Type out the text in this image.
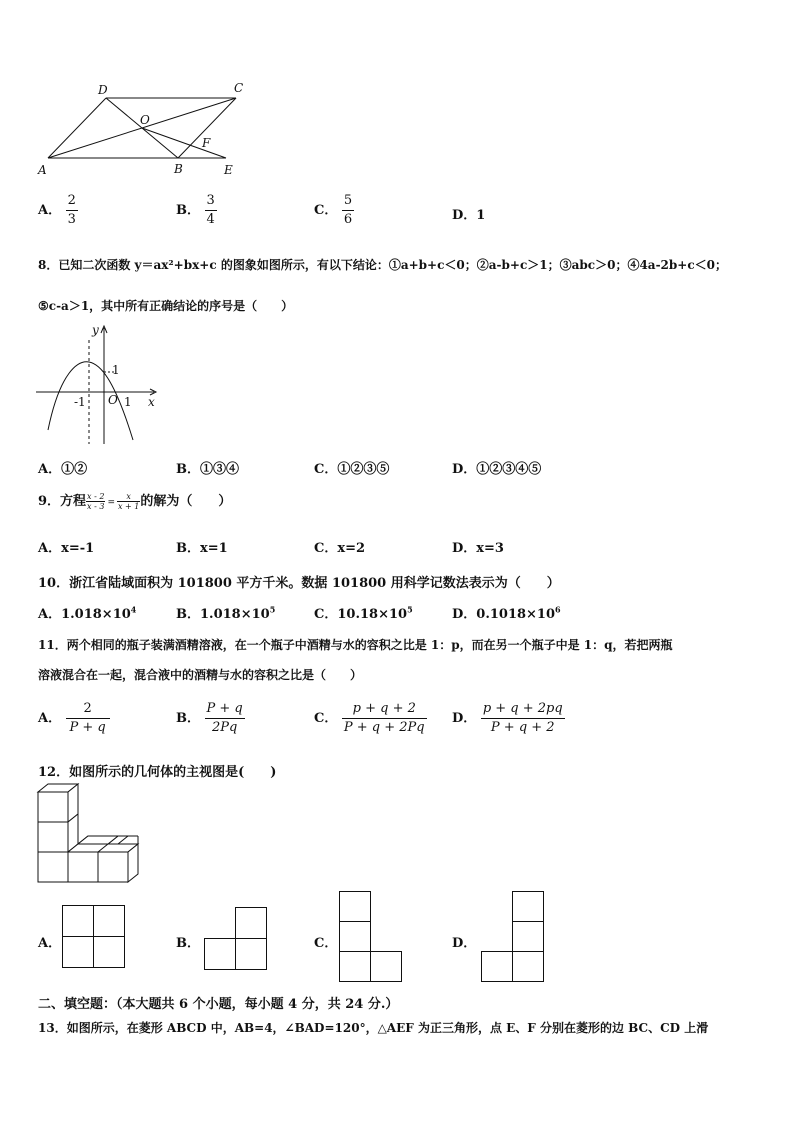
D	C
O
F
A	B	E
A． $\frac{2}{3}$	B． $\frac{3}{4}$	C． $\frac{5}{6}$	D．1
8．已知二次函数 y＝ax²+bx+c 的图象如图所示，有以下结论：①a+b+c＜0；②a-b+c＞1；③abc＞0；④4a-2b+c＜0；
⑤c-a＞1，其中所有正确结论的序号是（　　）
y
x
1
-1 O 1
A．①②	B．①③④	C．①②③⑤	D．①②③④⑤
9．方程 $\frac{x - 2}{x - 3} = \frac{x}{x + 1}$ 的解为（　　）
A．x=-1	B．x=1	C．x=2	D．x=3
10．浙江省陆域面积为 101800 平方千米。数据 101800 用科学记数法表示为（　　）
A．$1.018\times 10^4$	B．$1.018\times 10^5$	C．$10.18\times 10^5$	D．$0.1018\times 10^6$
11．两个相同的瓶子装满酒精溶液，在一个瓶子中酒精与水的容积之比是 1：p，而在另一个瓶子中是 1：q，若把两瓶
溶液混合在一起，混合液中的酒精与水的容积之比是（　　）
A． $\frac{2}{P + q}$	B． $\frac{P + q}{2Pq}$	C． $\frac{p + q + 2}{P + q + 2Pq}$ D． $\frac{p + q + 2pq}{P + q + 2}$
12．如图所示的几何体的主视图是(　　)
A．	B．	C．	D．
二、填空题：（本大题共 6 个小题，每小题 4 分，共 24 分.）
13．如图所示，在菱形 ABCD 中，AB=4，∠BAD=120°，△AEF 为正三角形，点 E、F 分别在菱形的边 BC、CD 上滑
